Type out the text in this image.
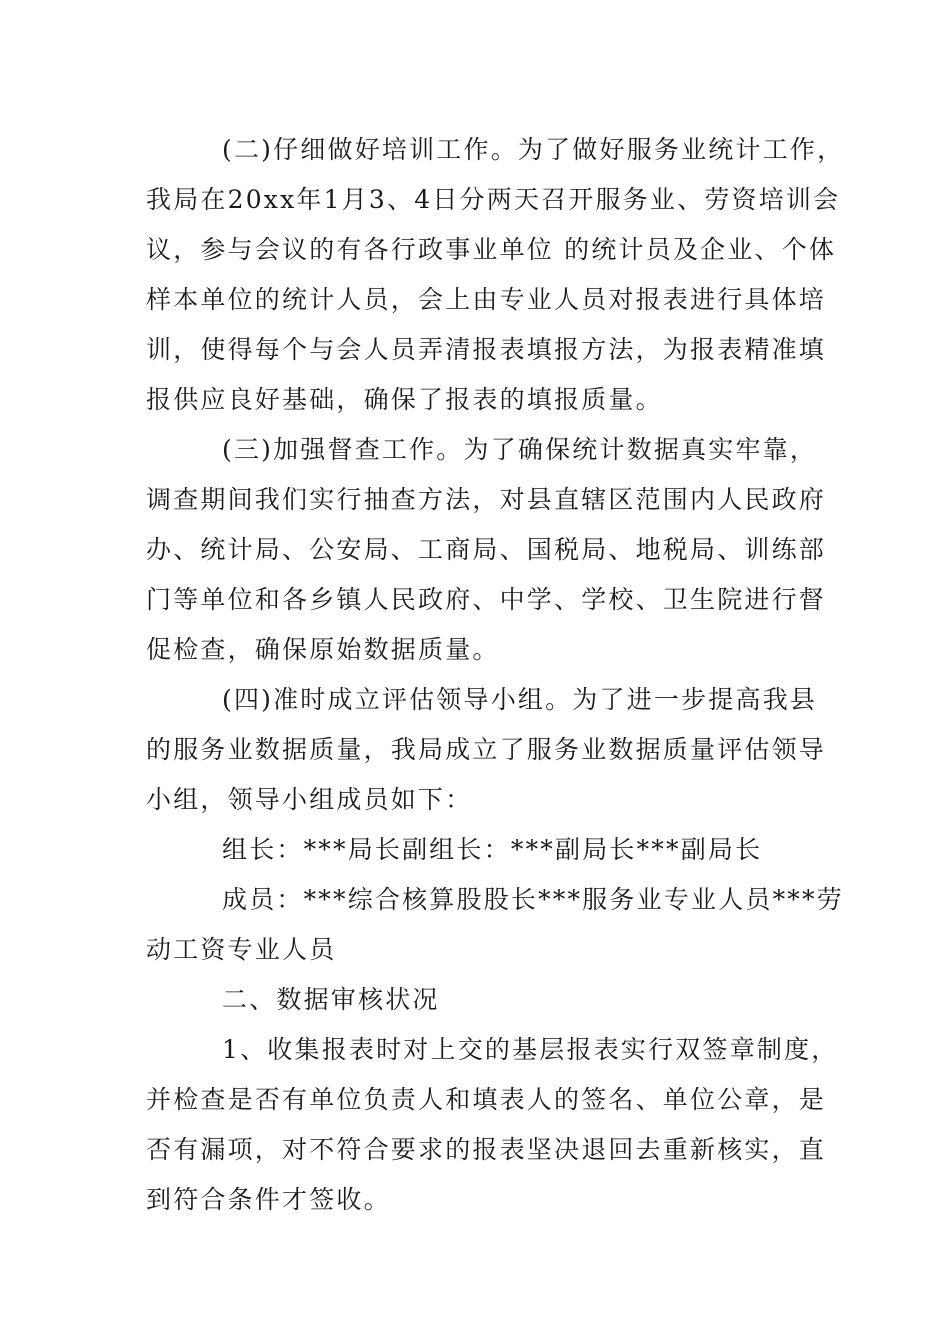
(二)仔细做好培训工作。为了做好服务业统计工作，
我局在20xx年1月3、4日分两天召开服务业、劳资培训会
议，参与会议的有各行政事业单位 的统计员及企业、个体
样本单位的统计人员，会上由专业人员对报表进行具体培
训，使得每个与会人员弄清报表填报方法，为报表精准填
报供应良好基础，确保了报表的填报质量。
(三)加强督查工作。为了确保统计数据真实牢靠，
调查期间我们实行抽查方法，对县直辖区范围内人民政府
办、统计局、公安局、工商局、国税局、地税局、训练部
门等单位和各乡镇人民政府、中学、学校、卫生院进行督
促检查，确保原始数据质量。
(四)准时成立评估领导小组。为了进一步提高我县
的服务业数据质量，我局成立了服务业数据质量评估领导
小组，领导小组成员如下：
组长：***局长副组长：***副局长***副局长
成员：***综合核算股股长***服务业专业人员***劳
动工资专业人员
二、数据审核状况
1、收集报表时对上交的基层报表实行双签章制度，
并检查是否有单位负责人和填表人的签名、单位公章，是
否有漏项，对不符合要求的报表坚决退回去重新核实，直
到符合条件才签收。
